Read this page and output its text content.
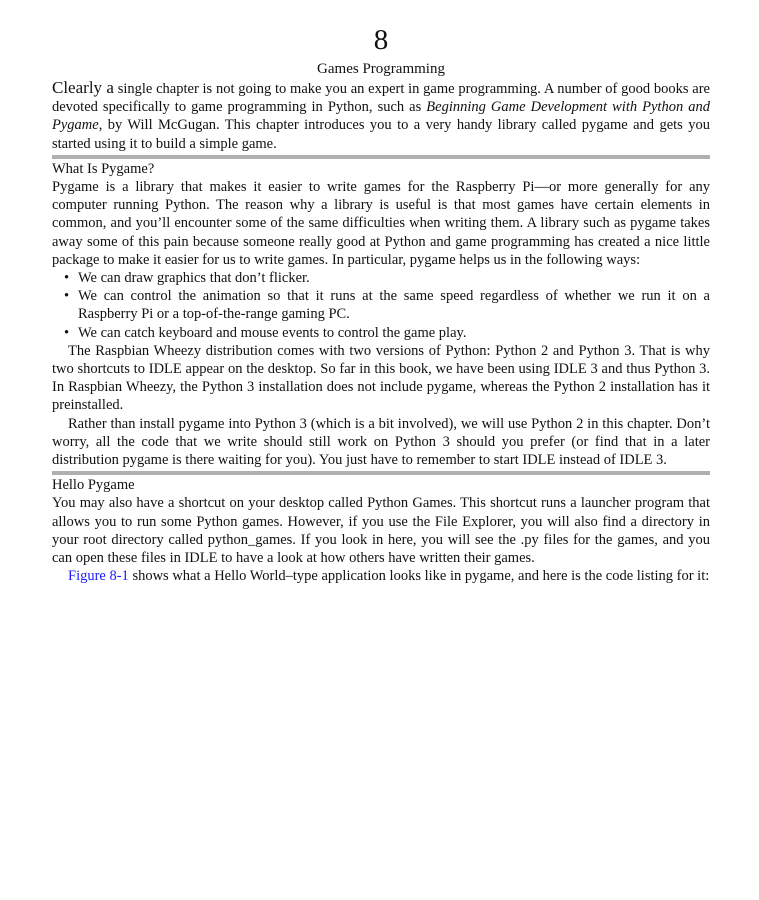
8
Games Programming

Clearly a single chapter is not going to make you an expert in game programming. A number of good books are devoted specifically to game programming in Python, such as Beginning Game Development with Python and Pygame, by Will McGugan. This chapter introduces you to a very handy library called pygame and gets you started using it to build a simple game.

What Is Pygame?

Pygame is a library that makes it easier to write games for the Raspberry Pi—or more generally for any computer running Python. The reason why a library is useful is that most games have certain elements in common, and you’ll encounter some of the same difficulties when writing them. A library such as pygame takes away some of this pain because someone really good at Python and game programming has created a nice little package to make it easier for us to write games. In particular, pygame helps us in the following ways:

• We can draw graphics that don’t flicker.
• We can control the animation so that it runs at the same speed regardless of whether we run it on a Raspberry Pi or a top-of-the-range gaming PC.
• We can catch keyboard and mouse events to control the game play.

The Raspbian Wheezy distribution comes with two versions of Python: Python 2 and Python 3. That is why two shortcuts to IDLE appear on the desktop. So far in this book, we have been using IDLE 3 and thus Python 3. In Raspbian Wheezy, the Python 3 installation does not include pygame, whereas the Python 2 installation has it preinstalled.

Rather than install pygame into Python 3 (which is a bit involved), we will use Python 2 in this chapter. Don’t worry, all the code that we write should still work on Python 3 should you prefer (or find that in a later distribution pygame is there waiting for you). You just have to remember to start IDLE instead of IDLE 3.

Hello Pygame

You may also have a shortcut on your desktop called Python Games. This shortcut runs a launcher program that allows you to run some Python games. However, if you use the File Explorer, you will also find a directory in your root directory called python_games. If you look in here, you will see the .py files for the games, and you can open these files in IDLE to have a look at how others have written their games.

Figure 8-1 shows what a Hello World–type application looks like in pygame, and here is the code listing for it:
